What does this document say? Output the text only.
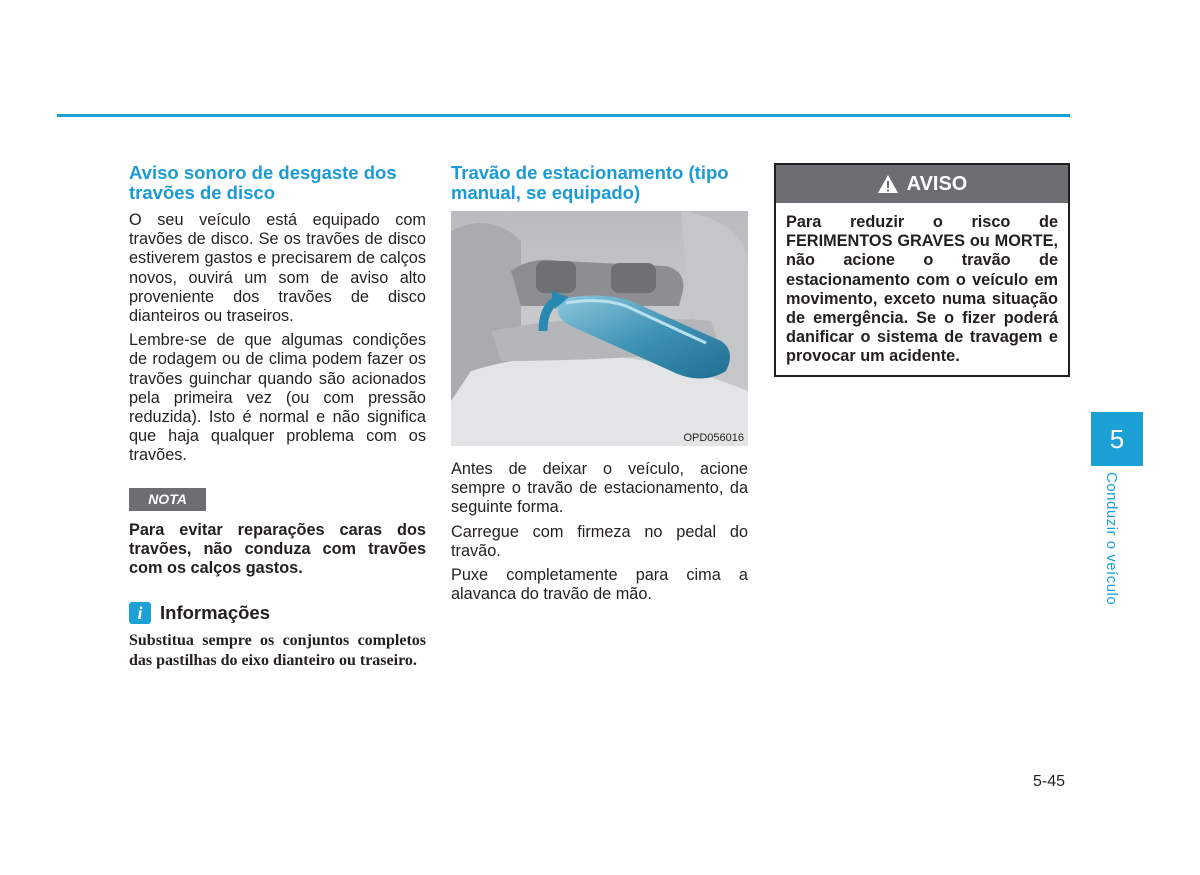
Aviso sonoro de desgaste dos travões de disco

O seu veículo está equipado com travões de disco. Se os travões de disco estiverem gastos e precisarem de calços novos, ouvirá um som de aviso alto proveniente dos travões de disco dianteiros ou traseiros.

Lembre-se de que algumas condições de rodagem ou de clima podem fazer os travões guinchar quando são acionados pela primeira vez (ou com pressão reduzida). Isto é normal e não significa que haja qualquer problema com os travões.

NOTA
Para evitar reparações caras dos travões, não conduza com travões com os calços gastos.
i Informações
Substitua sempre os conjuntos completos das pastilhas do eixo dianteiro ou traseiro.
Travão de estacionamento (tipo manual, se equipado)
OPD056016

Antes de deixar o veículo, acione sempre o travão de estacionamento, da seguinte forma.

Carregue com firmeza no pedal do travão.

Puxe completamente para cima a alavanca do travão de mão.

AVISO
Para reduzir o risco de FERIMENTOS GRAVES ou MORTE, não acione o travão de estacionamento com o veículo em movimento, exceto numa situação de emergência. Se o fizer poderá danificar o sistema de travagem e provocar um acidente.
5
Conduzir o veículo
5-45
